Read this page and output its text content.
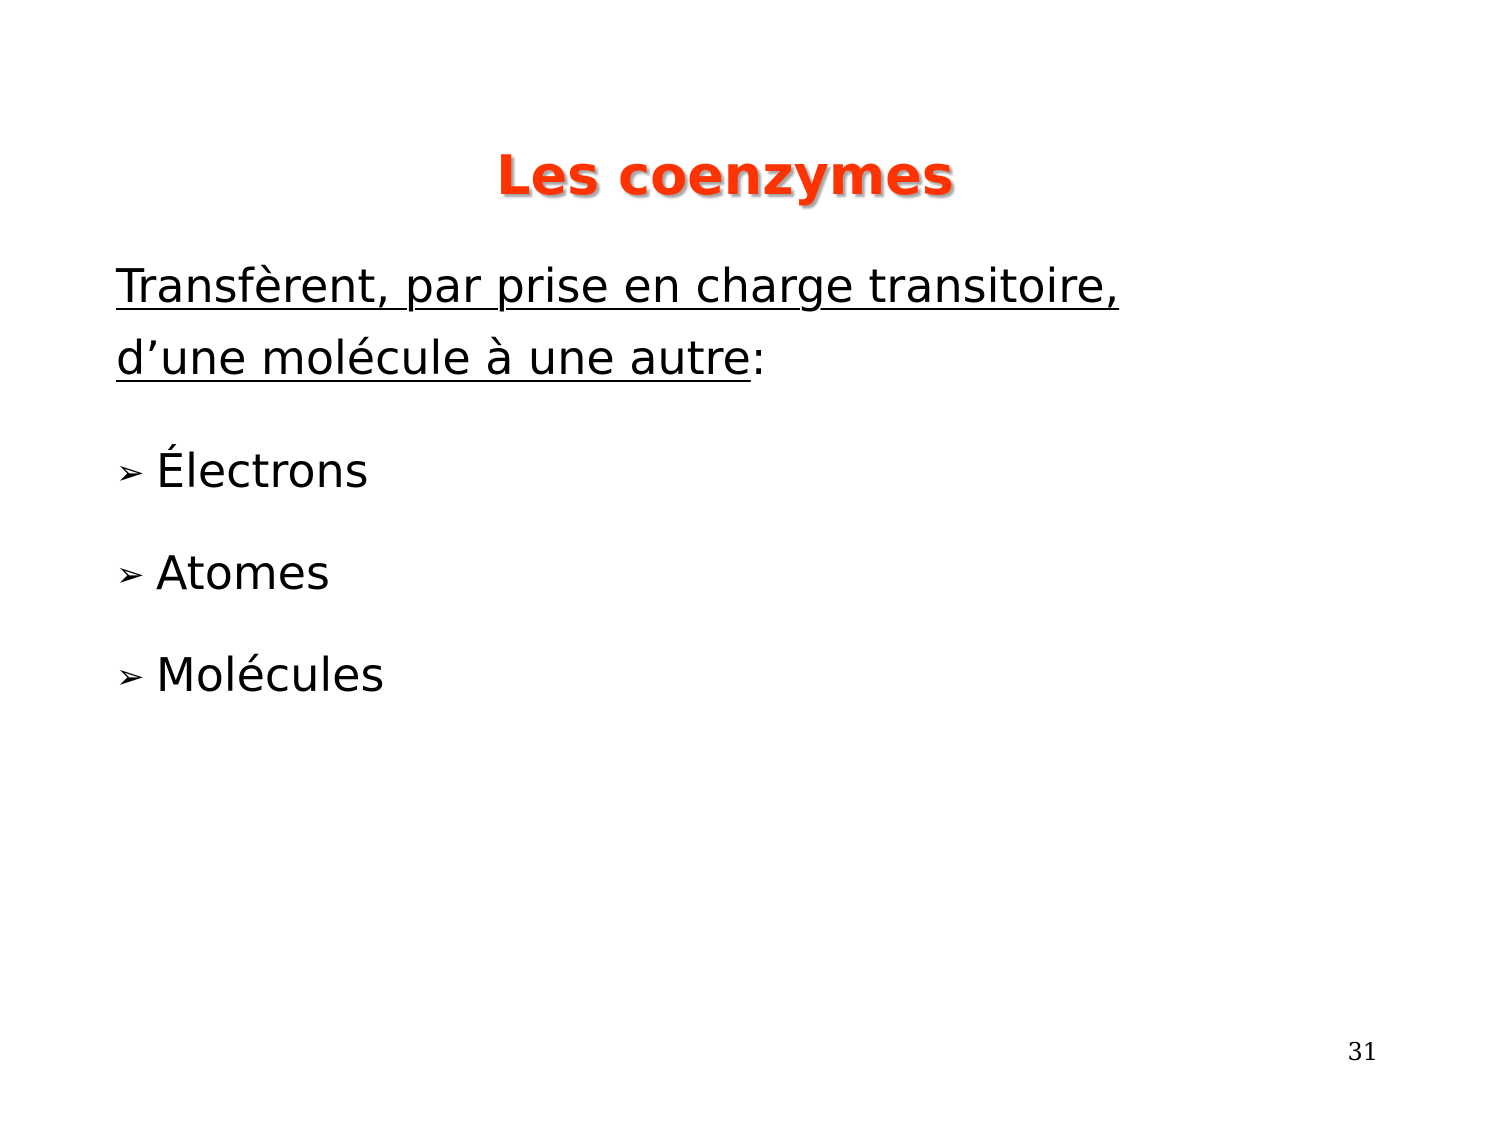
Les coenzymes
Transfèrent, par prise en charge transitoire,
d’une molécule à une autre:
➢ Électrons
➢ Atomes
➢ Molécules
31
